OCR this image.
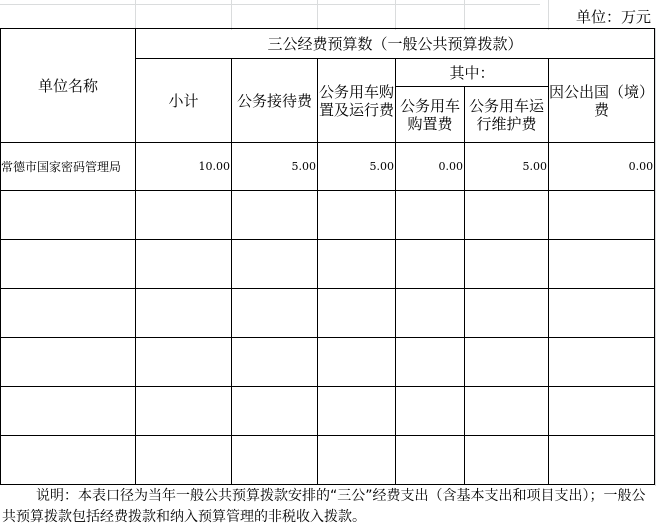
单位：万元
单位名称	三公经费预算数（一般公共预算拨款）					
	小计	公务接待费	公务用车购置及运行费	其中：		因公出国（境）费
				公务用车购置费	公务用车运行维护费	
常德市国家密码管理局	10.00	5.00	5.00	0.00	5.00	0.00

说明：本表口径为当年一般公共预算拨款安排的“三公”经费支出（含基本支出和项目支出）；一般公共预算拨款包括经费拨款和纳入预算管理的非税收入拨款。
